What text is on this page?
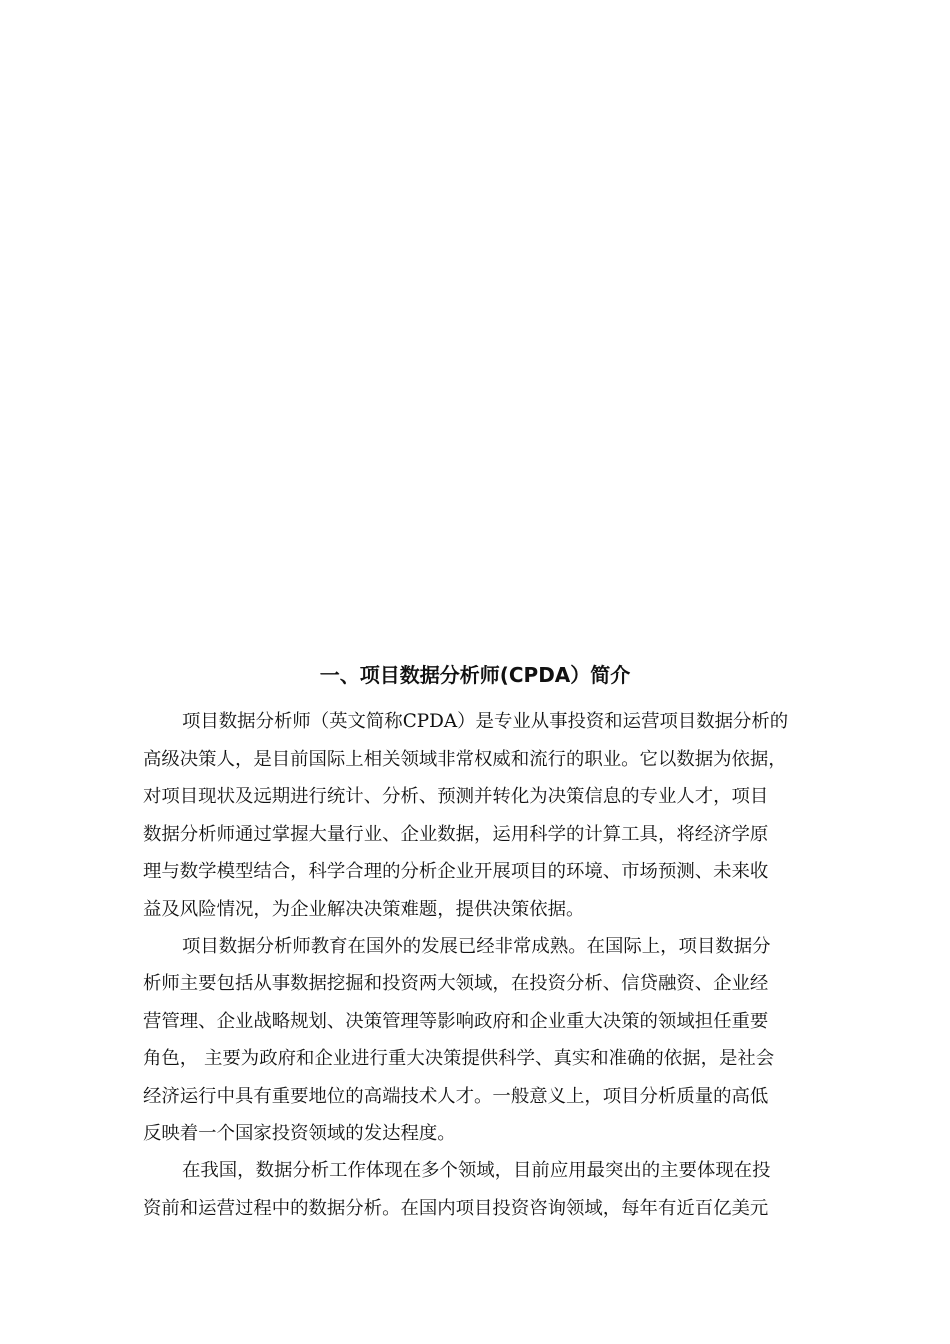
一、项目数据分析师(CPDA）简介

项目数据分析师（英文简称CPDA）是专业从事投资和运营项目数据分析的

高级决策人，是目前国际上相关领域非常权威和流行的职业。它以数据为依据，

对项目现状及远期进行统计、分析、预测并转化为决策信息的专业人才，项目

数据分析师通过掌握大量行业、企业数据，运用科学的计算工具，将经济学原

理与数学模型结合，科学合理的分析企业开展项目的环境、市场预测、未来收

益及风险情况，为企业解决决策难题，提供决策依据。

项目数据分析师教育在国外的发展已经非常成熟。在国际上，项目数据分

析师主要包括从事数据挖掘和投资两大领域，在投资分析、信贷融资、企业经

营管理、企业战略规划、决策管理等影响政府和企业重大决策的领域担任重要

角色， 主要为政府和企业进行重大决策提供科学、真实和准确的依据，是社会

经济运行中具有重要地位的高端技术人才。一般意义上，项目分析质量的高低

反映着一个国家投资领域的发达程度。

在我国，数据分析工作体现在多个领域，目前应用最突出的主要体现在投

资前和运营过程中的数据分析。在国内项目投资咨询领域，每年有近百亿美元
